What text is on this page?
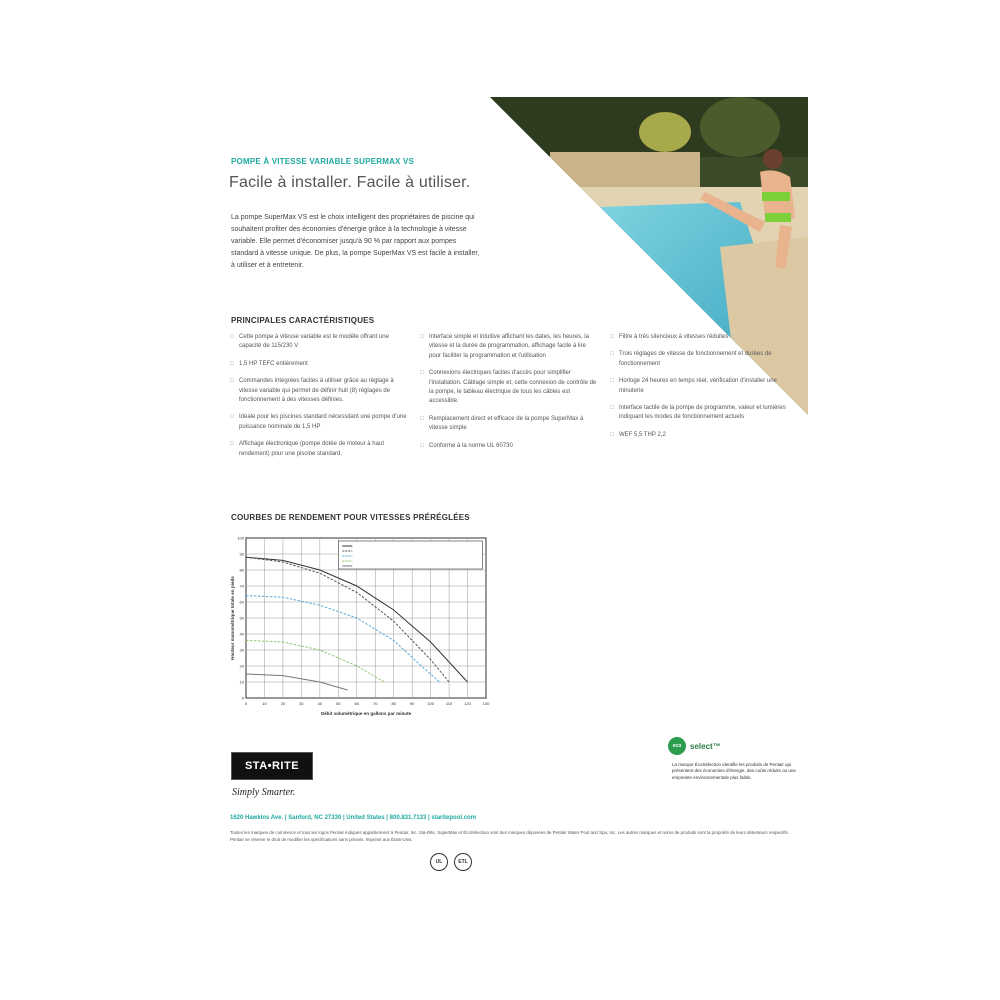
POMPE À VITESSE VARIABLE SUPERMAX VS
Facile à installer. Facile à utiliser.
La pompe SuperMax VS est le choix intelligent des propriétaires de piscine qui souhaitent profiter des économies d'énergie grâce à la technologie à vitesse variable. Elle permet d'économiser jusqu'à 90 % par rapport aux pompes standard à vitesse unique. De plus, la pompe SuperMax VS est facile à installer, à utiliser et à entretenir.
PRINCIPALES CARACTÉRISTIQUES
□ Cette pompe à vitesse variable est le modèle offrant une capacité de 115/230 V
□ 1,5 HP TEFC entièrement
□ Commandes intégrées faciles à utiliser grâce au réglage à vitesse variable qui permet de définir huit (8) réglages de fonctionnement à des vitesses définies.
□ Idéale pour les piscines standard nécessitant une pompe d'une puissance nominale de 1,5 HP
□ Affichage électronique (pompe dotée de moteur à haut rendement) pour une piscine standard.
□ Interface simple et intuitive affichant les dates, les heures, la vitesse et la durée de programmation, affichage facile à lire pour faciliter la programmation et l'utilisation
□ Connexions électriques faciles d'accès pour simplifier l'installation. Câblage simple et, cette connexion de contrôle de la pompe, le tableau électrique de tous les câbles est accessible.
□ Remplacement direct et efficace de la pompe SuperMax à vitesse simple
□ Conforme à la norme UL 60730
□ Filtre à très silencieux à vitesses réduites
□ Trois réglages de vitesse de fonctionnement et durées de fonctionnement
□ Horloge 24 heures en temps réel, vérification d'installer une minuterie
□ Interface tactile de la pompe de programme, valeur et lumières indiquant les modes de fonctionnement actuels
□ WEF 5,5 THP 2,2
COURBES DE RENDEMENT POUR VITESSES PRÉRÉGLÉES
0	10	20	30	40	50	60	70	80	90	100	110	120	130
0
10
20
30
40
50
60
70
80
90
100
Débit volumétrique en gallons par minute
Hauteur manométrique totale en pieds
STA•RITE
Simply Smarter.
eco	select™
La marque ÉcoSélection identifie les produits de Pentair qui présentent des économies d'énergie, des coûts réduits ou une empreinte environnementale plus faible.
1620 Hawkins Ave. | Sanford, NC 27330 | United States | 800.831.7133 | staritepool.com
Toutes les marques de commerce et tous les logos Pentair indiqués appartiennent à Pentair, Inc. Sta-Rite, SuperMax et ÉcoSélection sont des marques déposées de Pentair Water Pool and Spa, Inc. Les autres marques et noms de produits sont la propriété de leurs détenteurs respectifs. Pentair se réserve le droit de modifier les spécifications sans préavis. Imprimé aux États-Unis.
UL	ETL
